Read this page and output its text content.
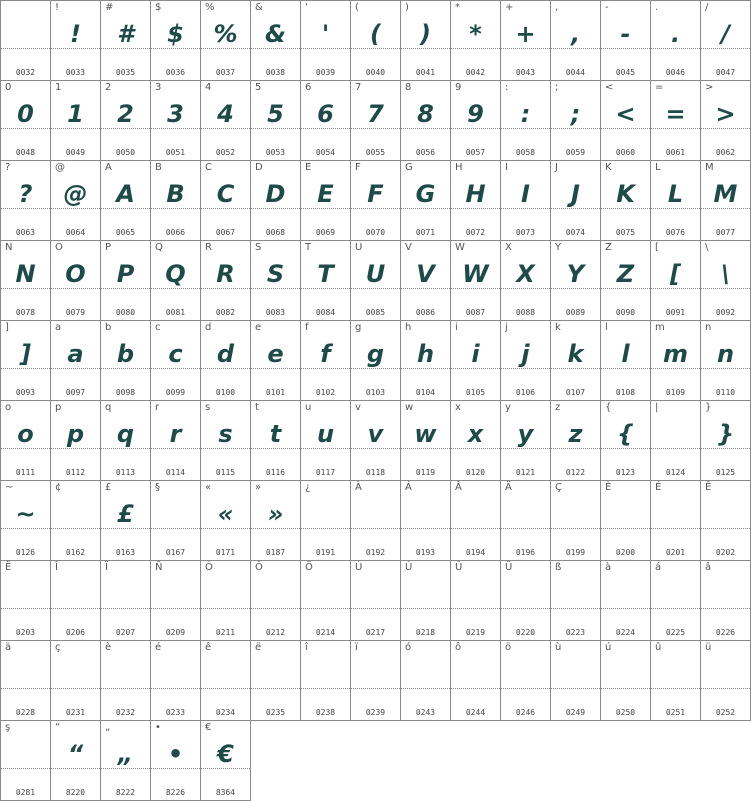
0032
!
!
0033
#
#
0035
$
$
0036
%
%
0037
&
&
0038
'
'
0039
(
(
0040
)
)
0041
*
*
0042
+
+
0043
,
,
0044
-
-
0045
.
.
0046
/
/
0047
0
0
0048
1
1
0049
2
2
0050
3
3
0051
4
4
0052
5
5
0053
6
6
0054
7
7
0055
8
8
0056
9
9
0057
:
:
0058
;
;
0059
<
<
0060
=
=
0061
>
>
0062
?
?
0063
@
@
0064
A
A
0065
B
B
0066
C
C
0067
D
D
0068
E
E
0069
F
F
0070
G
G
0071
H
H
0072
I
I
0073
J
J
0074
K
K
0075
L
L
0076
M
M
0077
N
N
0078
O
O
0079
P
P
0080
Q
Q
0081
R
R
0082
S
S
0083
T
T
0084
U
U
0085
V
V
0086
W
W
0087
X
X
0088
Y
Y
0089
Z
Z
0090
[
[
0091
\
\
0092
]
]
0093
a
a
0097
b
b
0098
c
c
0099
d
d
0100
e
e
0101
f
f
0102
g
g
0103
h
h
0104
i
i
0105
j
j
0106
k
k
0107
l
l
0108
m
m
0109
n
n
0110
o
o
0111
p
p
0112
q
q
0113
r
r
0114
s
s
0115
t
t
0116
u
u
0117
v
v
0118
w
w
0119
x
x
0120
y
y
0121
z
z
0122
{
{
0123
|
0124
}
}
0125
~
~
0126
¢
0162
£
£
0163
§
0167
«
«
0171
»
»
0187
¿
0191
À
0192
Á
0193
Â
0194
Ä
0196
Ç
0199
È
0200
É
0201
Ê
0202
Ë
0203
Î
0206
Ï
0207
Ñ
0209
Ó
0211
Ô
0212
Ö
0214
Ù
0217
Ú
0218
Û
0219
Ü
0220
ß
0223
à
0224
á
0225
â
0226
ä
0228
ç
0231
è
0232
é
0233
ê
0234
ë
0235
î
0238
ï
0239
ó
0243
ô
0244
ö
0246
ù
0249
ú
0250
û
0251
ü
0252
ş
0281
“
“
8220
„
„
8222
•
•
8226
€
€
8364
